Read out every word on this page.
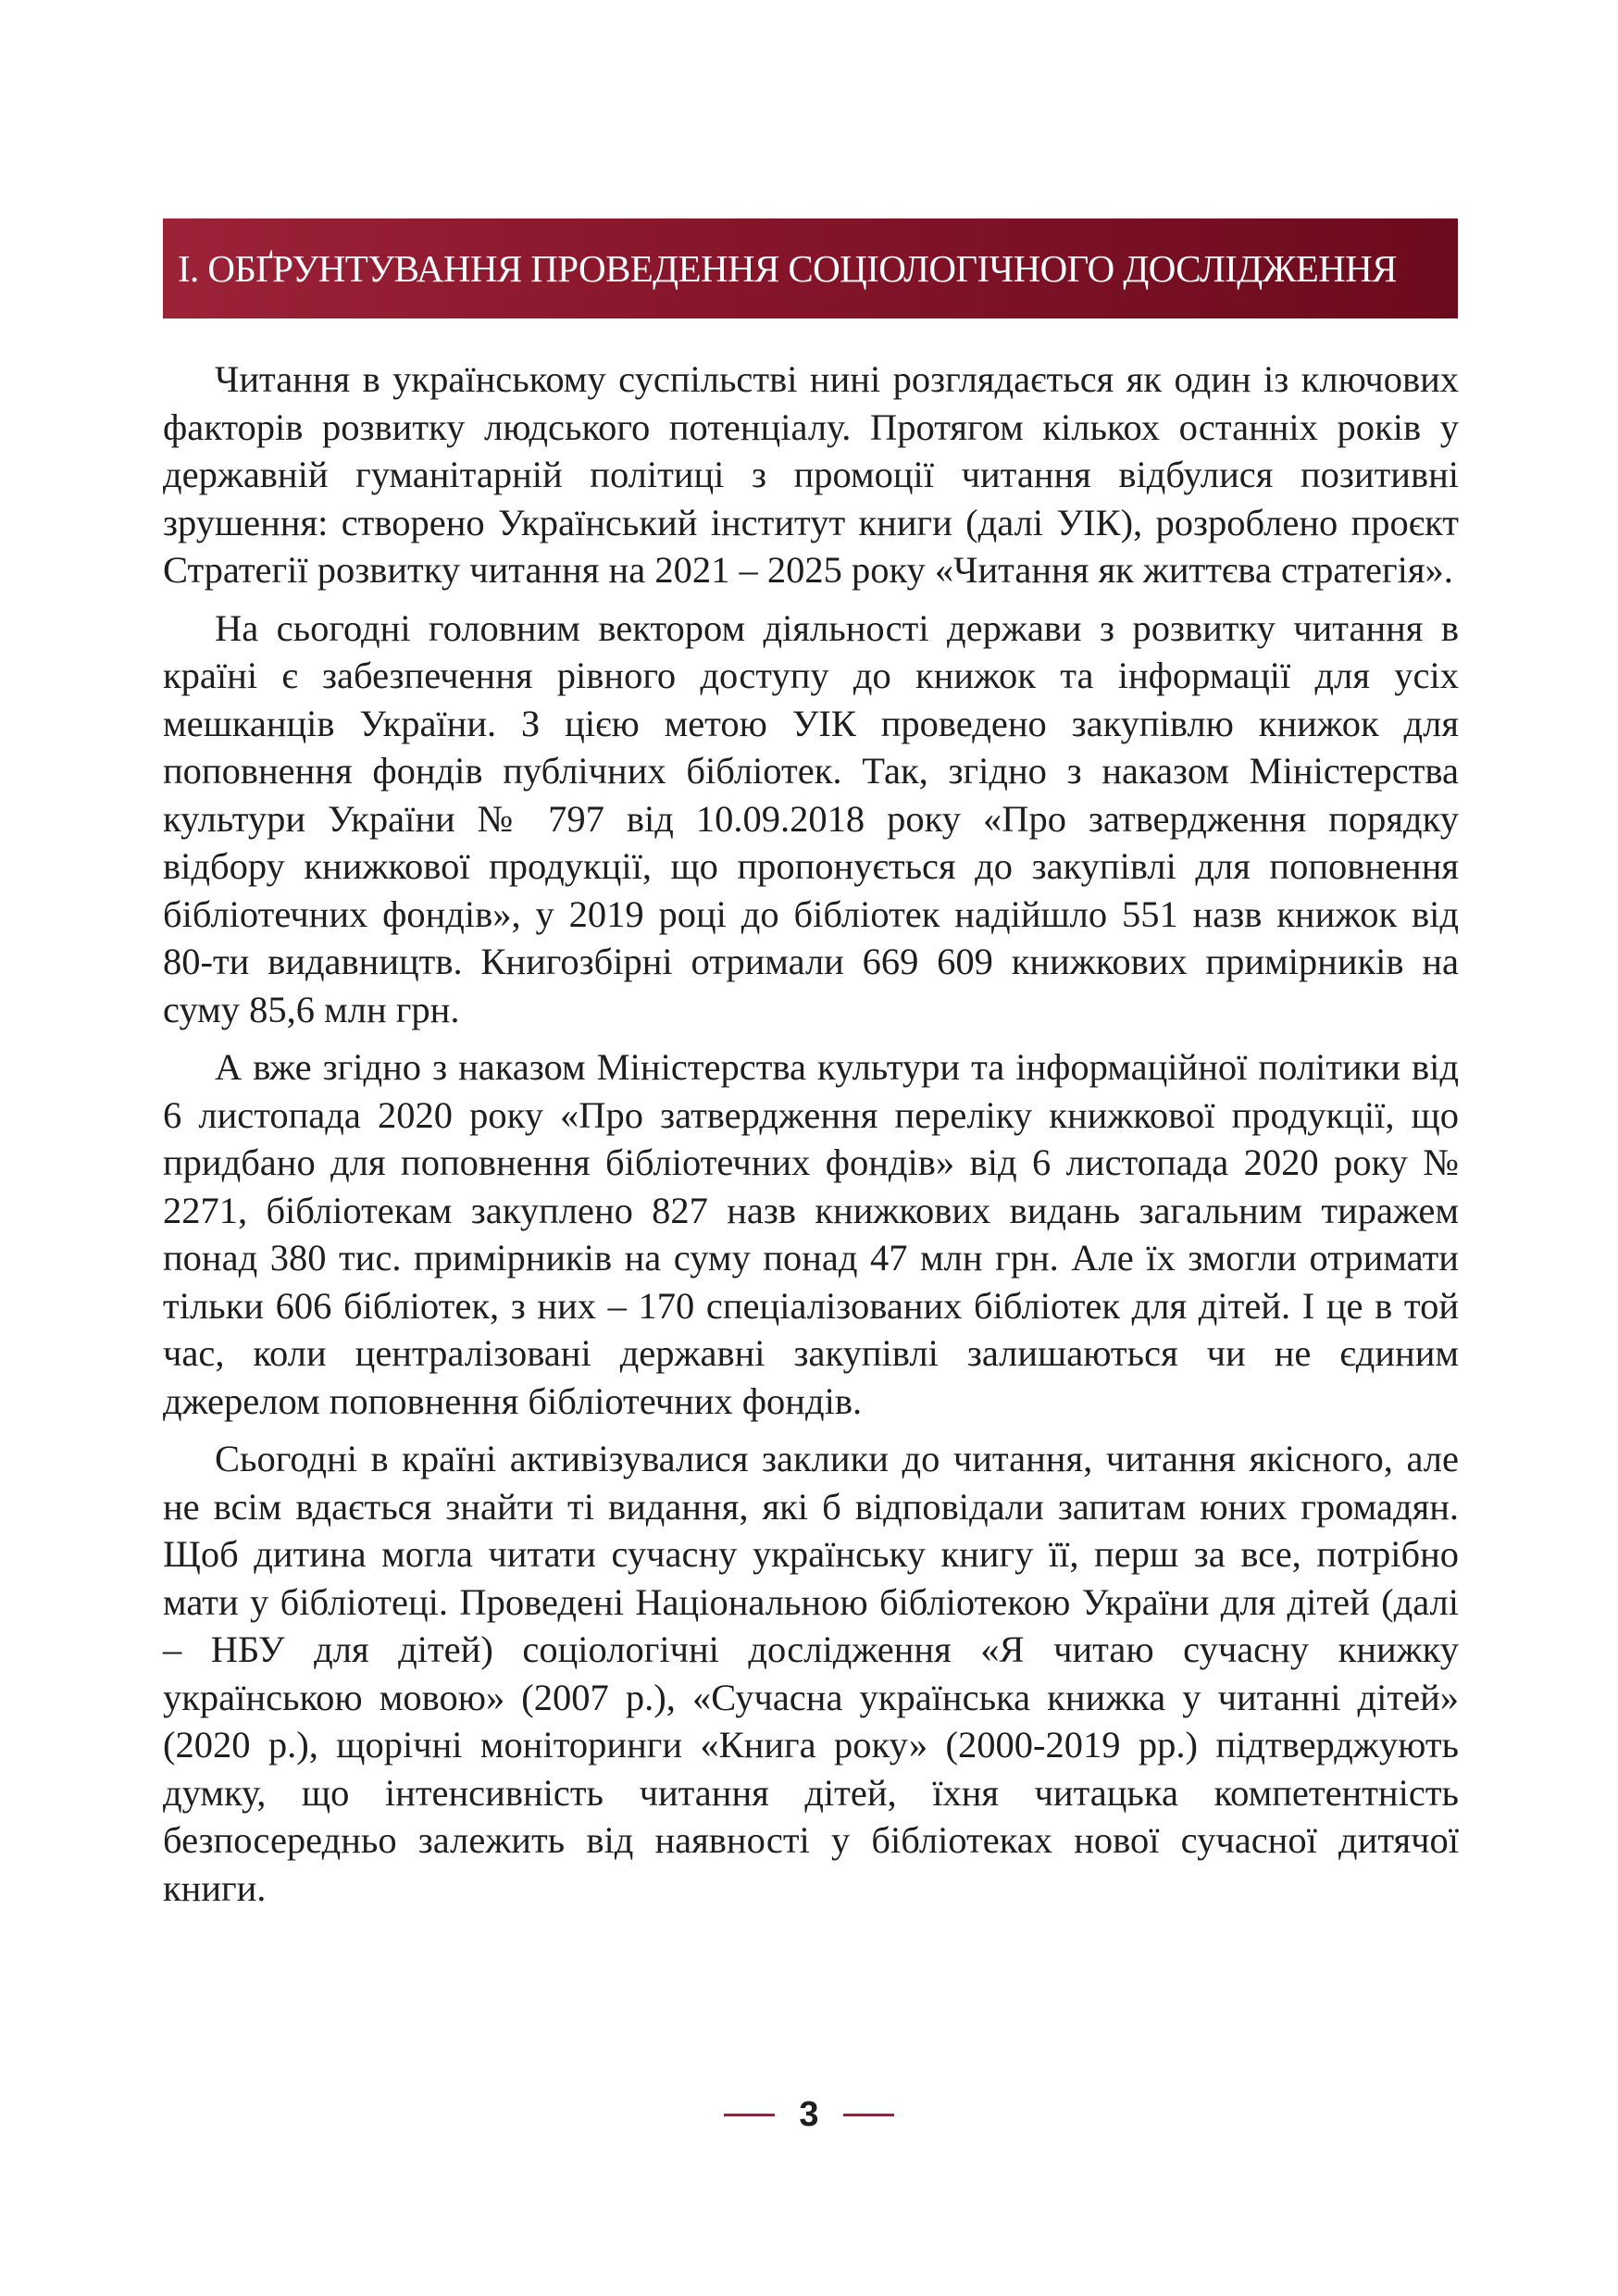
I. ОБҐРУНТУВАННЯ ПРОВЕДЕННЯ СОЦІОЛОГІЧНОГО ДОСЛІДЖЕННЯ

Читання в українському суспільстві нині розглядається як один із ключових факторів розвитку людського потенціалу. Протягом кількох останніх років у державній гуманітарній політиці з промоції читання відбулися позитивні зрушення: створено Український інститут книги (далі УІК), розроблено проєкт Стратегії розвитку читання на 2021 – 2025 року «Читання як життєва стратегія».

На сьогодні головним вектором діяльності держави з розвитку читання в країні є забезпечення рівного доступу до книжок та інформації для усіх мешканців України. З цією метою УІК проведено закупівлю книжок для поповнення фондів публічних бібліотек. Так, згідно з наказом Міністерства культури України № 797 від 10.09.2018 року «Про затвердження порядку відбору книжкової продукції, що пропонується до закупівлі для поповнення бібліотечних фондів», у 2019 році до бібліотек надійшло 551 назв книжок від 80-ти видавництв. Книгозбірні отримали 669 609 книжкових примірників на суму 85,6 млн грн.

А вже згідно з наказом Міністерства культури та інформаційної політики від 6 листопада 2020 року «Про затвердження переліку книжкової продукції, що придбано для поповнення бібліотечних фондів» від 6 листопада 2020 року № 2271, бібліотекам закуплено 827 назв книжкових видань загальним тиражем понад 380 тис. примірників на суму понад 47 млн грн. Але їх змогли отримати тільки 606 бібліотек, з них – 170 спеціалізованих бібліотек для дітей. І це в той час, коли централізовані державні закупівлі залишаються чи не єдиним джерелом поповнення бібліотечних фондів.

Сьогодні в країні активізувалися заклики до читання, читання якісного, але не всім вдається знайти ті видання, які б відповідали запитам юних громадян. Щоб дитина могла читати сучасну українську книгу її, перш за все, потрібно мати у бібліотеці. Проведені Національною бібліотекою України для дітей (далі – НБУ для дітей) соціологічні дослідження «Я читаю сучасну книжку українською мовою» (2007 р.), «Сучасна українська книжка у читанні дітей» (2020 р.), щорічні моніторинги «Книга року» (2000-2019 рр.) підтверджують думку, що інтенсивність читання дітей, їхня читацька компетентність безпосередньо залежить від наявності у бібліотеках нової сучасної дитячої книги.

3
